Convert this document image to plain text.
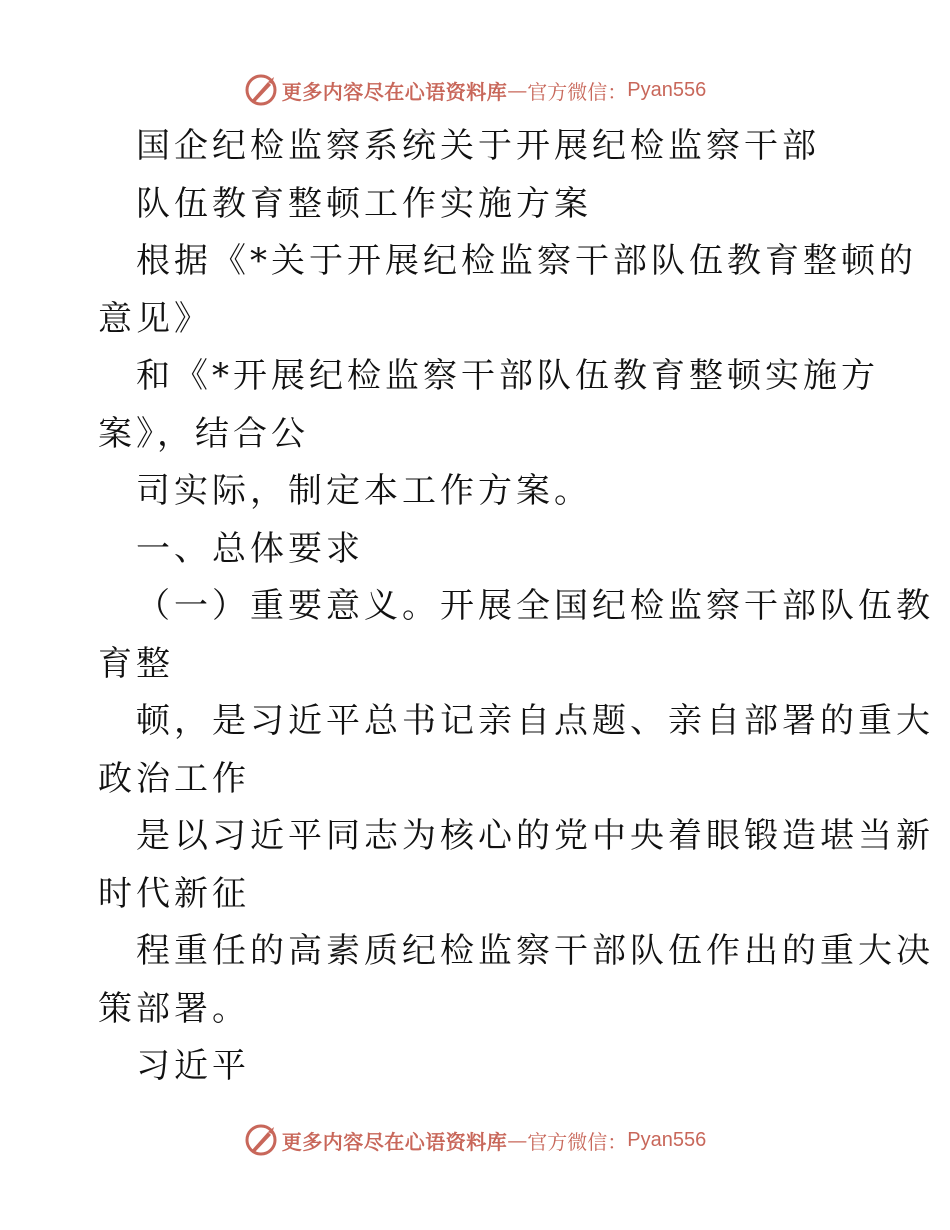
更多内容尽在心语资料库 — 官方微信： Pyan556
国企纪检监察系统关于开展纪检监察干部
队伍教育整顿工作实施方案
根据《*关于开展纪检监察干部队伍教育整顿的
意见》
和《*开展纪检监察干部队伍教育整顿实施方
案》，结合公
司实际，制定本工作方案。
一、总体要求
（一）重要意义。开展全国纪检监察干部队伍教
育整
顿，是习近平总书记亲自点题、亲自部署的重大
政治工作
是以习近平同志为核心的党中央着眼锻造堪当新
时代新征
程重任的高素质纪检监察干部队伍作出的重大决
策部署。
习近平
更多内容尽在心语资料库 — 官方微信： Pyan556
